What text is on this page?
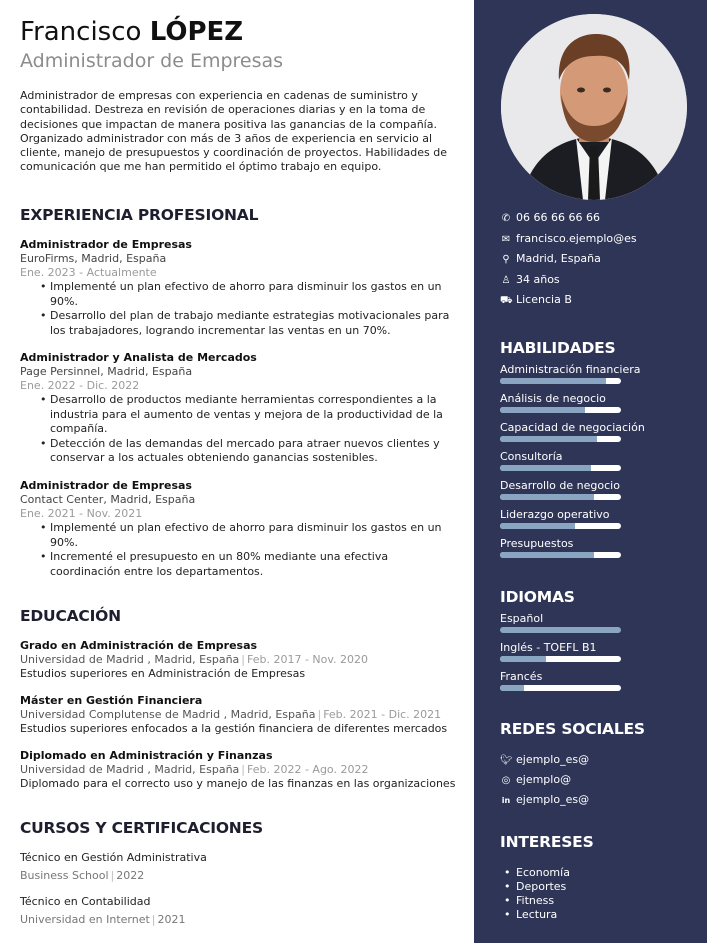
Francisco LÓPEZ
Administrador de Empresas
Administrador de empresas con experiencia en cadenas de suministro y contabilidad. Destreza en revisión de operaciones diarias y en la toma de decisiones que impactan de manera positiva las ganancias de la compañía. Organizado administrador con más de 3 años de experiencia en servicio al cliente, manejo de presupuestos y coordinación de proyectos. Habilidades de comunicación que me han permitido el óptimo trabajo en equipo.
EXPERIENCIA PROFESIONAL
Administrador de Empresas
EuroFirms, Madrid, España
Ene. 2023 - Actualmente
• Implementé un plan efectivo de ahorro para disminuir los gastos en un 90%.
• Desarrollo del plan de trabajo mediante estrategias motivacionales para los trabajadores, logrando incrementar las ventas en un 70%.
Administrador y Analista de Mercados
Page Persinnel, Madrid, España
Ene. 2022 - Dic. 2022
• Desarrollo de productos mediante herramientas correspondientes a la industria para el aumento de ventas y mejora de la productividad de la compañía.
• Detección de las demandas del mercado para atraer nuevos clientes y conservar a los actuales obteniendo ganancias sostenibles.
Administrador de Empresas
Contact Center, Madrid, España
Ene. 2021 - Nov. 2021
• Implementé un plan efectivo de ahorro para disminuir los gastos en un 90%.
• Incrementé el presupuesto en un 80% mediante una efectiva coordinación entre los departamentos.
EDUCACIÓN
Grado en Administración de Empresas
Universidad de Madrid , Madrid, España | Feb. 2017 - Nov. 2020
Estudios superiores en Administración de Empresas
Máster en Gestión Financiera
Universidad Complutense de Madrid , Madrid, España | Feb. 2021 - Dic. 2021
Estudios superiores enfocados a la gestión financiera de diferentes mercados
Diplomado en Administración y Finanzas
Universidad de Madrid , Madrid, España | Feb. 2022 - Ago. 2022
Diplomado para el correcto uso y manejo de las finanzas en las organizaciones
CURSOS Y CERTIFICACIONES
Técnico en Gestión Administrativa
Business School | 2022
Técnico en Contabilidad
Universidad en Internet | 2021
✆ 06 66 66 66 66
✉ francisco.ejemplo@es
⚲ Madrid, España
♙ 34 años
⛟ Licencia B
HABILIDADES
Administración financiera
Análisis de negocio
Capacidad de negociación
Consultoría
Desarrollo de negocio
Liderazgo operativo
Presupuestos
IDIOMAS
Español
Inglés - TOEFL B1
Francés
REDES SOCIALES
🐦︎ ejemplo_es@
◎ ejemplo@
in ejemplo_es@
INTERESES
• Economía
• Deportes
• Fitness
• Lectura
